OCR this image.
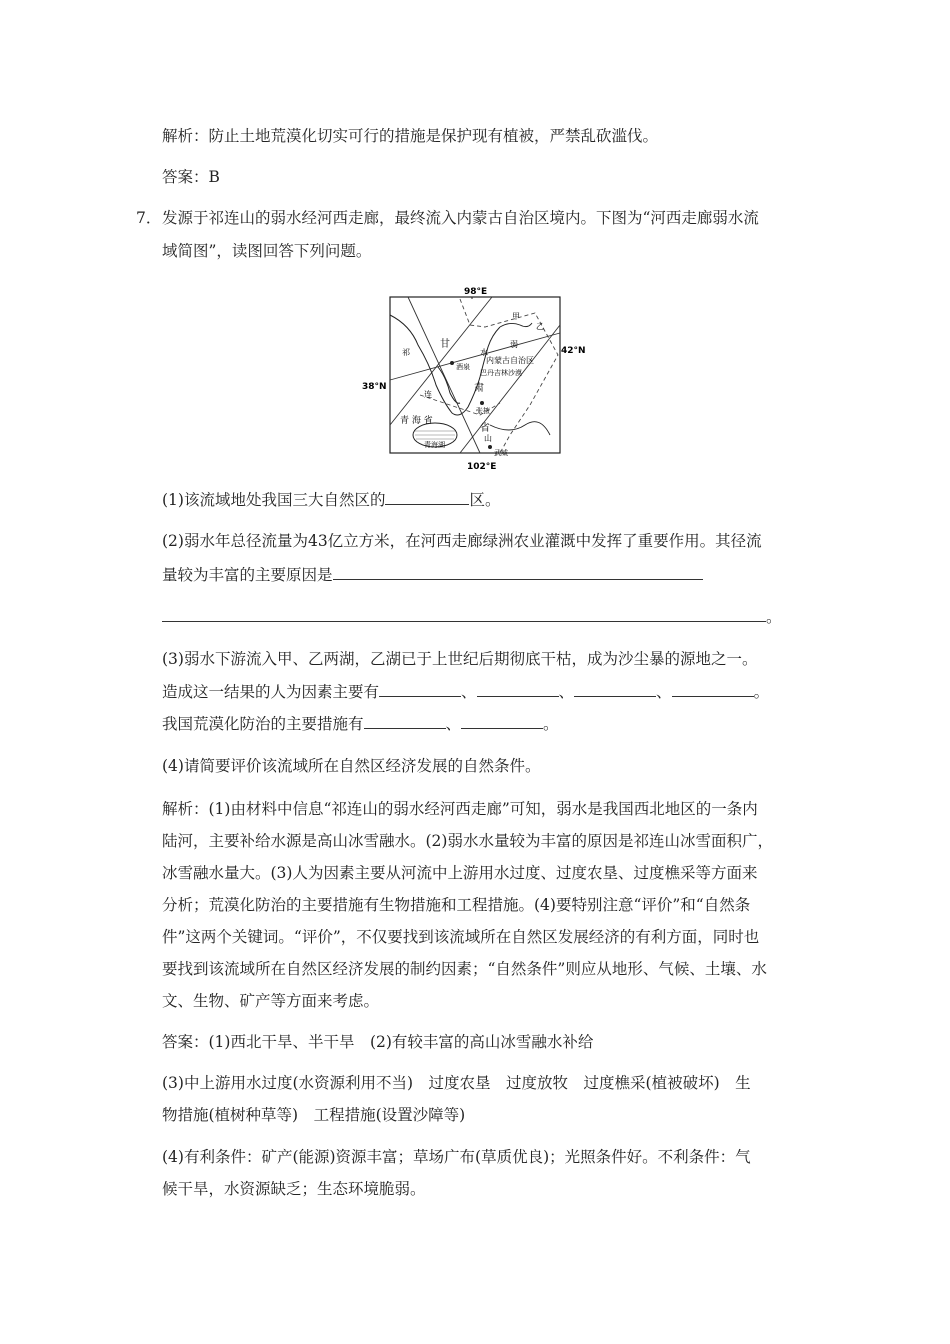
解析：防止土地荒漠化切实可行的措施是保护现有植被，严禁乱砍滥伐。
答案：B
7． 发源于祁连山的弱水经河西走廊，最终流入内蒙古自治区境内。下图为“河西走廊弱水流
域简图”，读图回答下列问题。
98°E
102°E
42°N
38°N
甲
乙
甘
肃
省
弱
水
内蒙古自治区
巴丹吉林沙漠
祁
连
山
酒泉
张掖
青 海 省
青海湖
武威
(1)该流域地处我国三大自然区的	区。
(2)弱水年总径流量为43亿立方米，在河西走廊绿洲农业灌溉中发挥了重要作用。其径流
量较为丰富的主要原因是
。
(3)弱水下游流入甲、乙两湖，乙湖已于上世纪后期彻底干枯，成为沙尘暴的源地之一。
造成这一结果的人为因素主要有	、	、	、	。
我国荒漠化防治的主要措施有	、	。
(4)请简要评价该流域所在自然区经济发展的自然条件。
解析：(1)由材料中信息“祁连山的弱水经河西走廊”可知，弱水是我国西北地区的一条内
陆河，主要补给水源是高山冰雪融水。(2)弱水水量较为丰富的原因是祁连山冰雪面积广，
冰雪融水量大。(3)人为因素主要从河流中上游用水过度、过度农垦、过度樵采等方面来
分析；荒漠化防治的主要措施有生物措施和工程措施。(4)要特别注意“评价”和“自然条
件”这两个关键词。“评价”，不仅要找到该流域所在自然区发展经济的有利方面，同时也
要找到该流域所在自然区经济发展的制约因素；“自然条件”则应从地形、气候、土壤、水
文、生物、矿产等方面来考虑。
答案：(1)西北干旱、半干旱　(2)有较丰富的高山冰雪融水补给
(3)中上游用水过度(水资源利用不当)　过度农垦　过度放牧　过度樵采(植被破坏)　生
物措施(植树种草等)　工程措施(设置沙障等)
(4)有利条件：矿产(能源)资源丰富；草场广布(草质优良)；光照条件好。不利条件：气
候干旱，水资源缺乏；生态环境脆弱。
